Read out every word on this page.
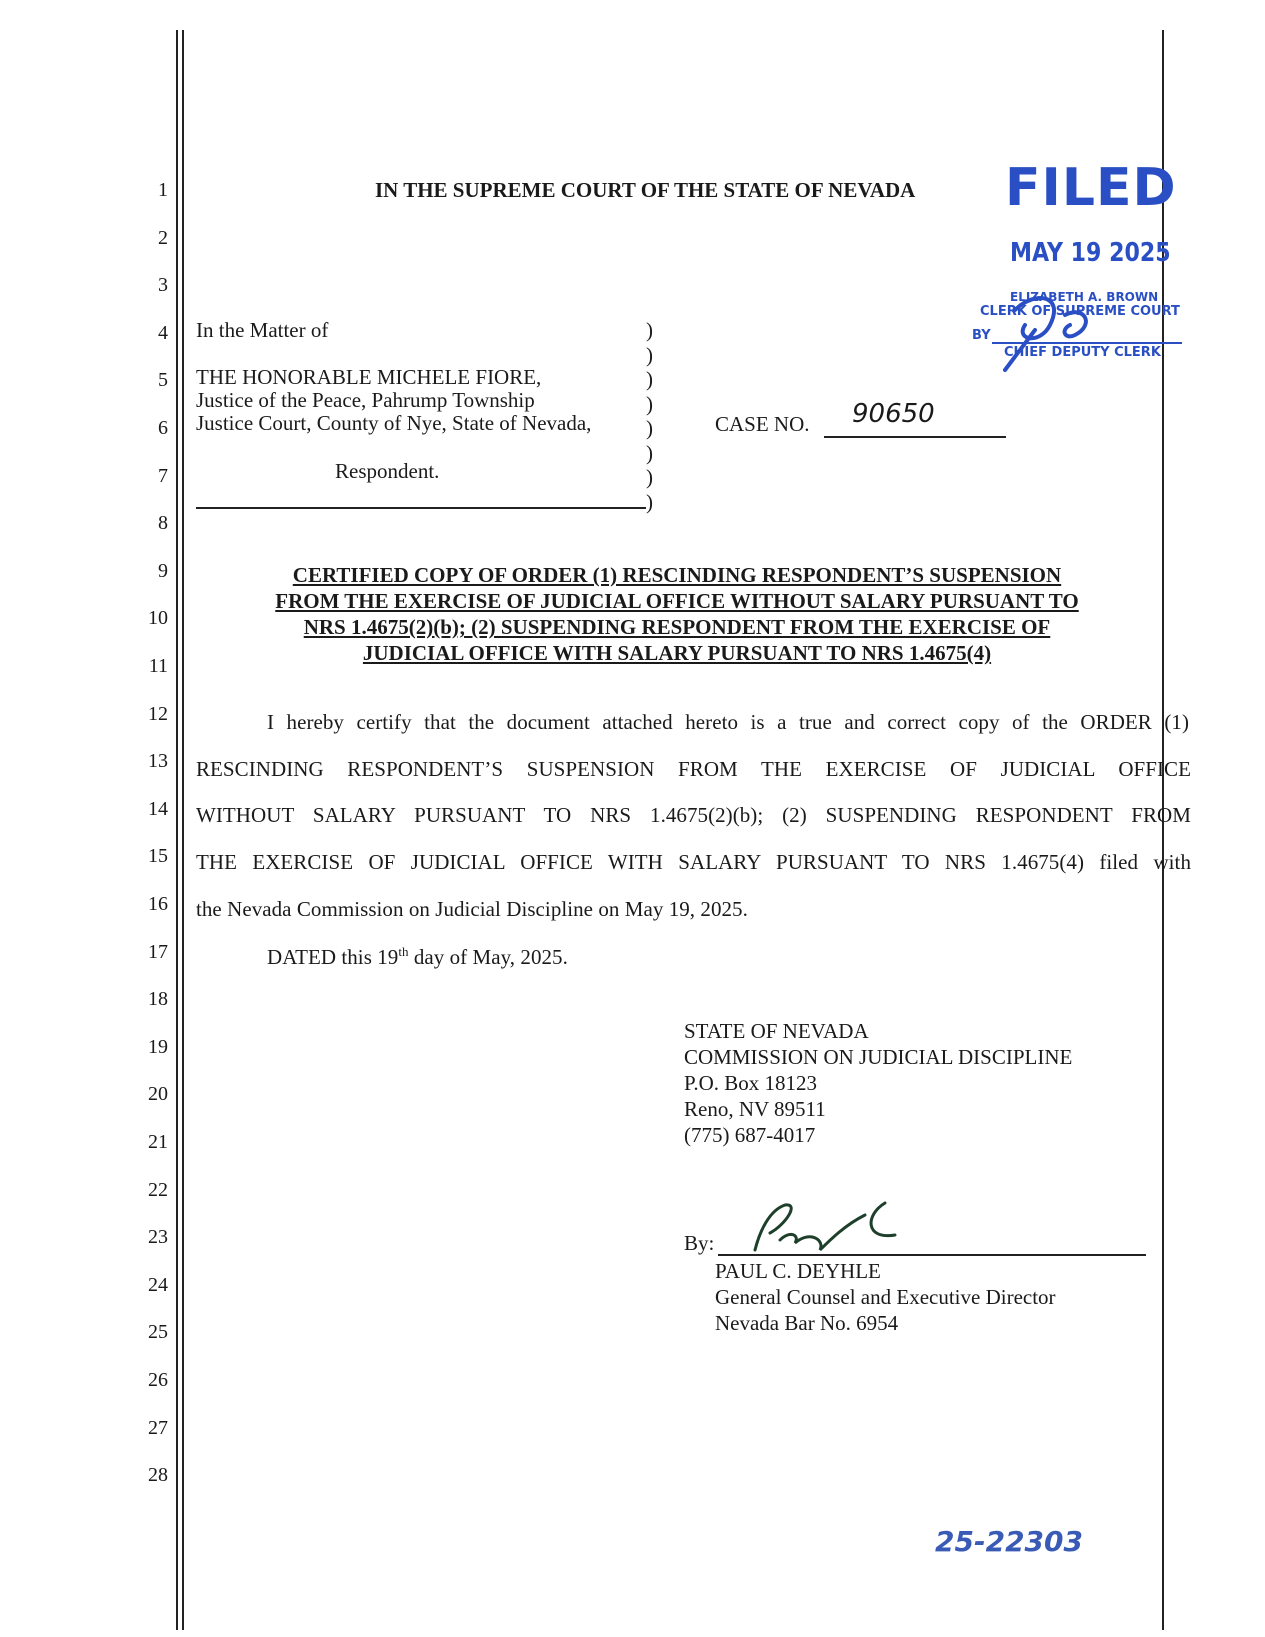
1
2
3
4
5
6
7
8
9
10
11
12
13
14
15
16
17
18
19
20
21
22
23
24
25
26
27
28
IN THE SUPREME COURT OF THE STATE OF NEVADA FILED
MAY 19 2025
ELIZABETH A. BROWN
CLERK OF SUPREME COURT
BY
CHIEF DEPUTY CLERK
In the Matter of
THE HONORABLE MICHELE FIORE,
Justice of the Peace, Pahrump Township
Justice Court, County of Nye, State of Nevada,
Respondent.
)
)
)
)
)
)
)
)
CASE NO. 90650
CERTIFIED COPY OF ORDER (1) RESCINDING RESPONDENT’S SUSPENSION
FROM THE EXERCISE OF JUDICIAL OFFICE WITHOUT SALARY PURSUANT TO
NRS 1.4675(2)(b); (2) SUSPENDING RESPONDENT FROM THE EXERCISE OF
JUDICIAL OFFICE WITH SALARY PURSUANT TO NRS 1.4675(4)
I hereby certify that the document attached hereto is a true and correct copy of the ORDER (1)
RESCINDING RESPONDENT’S SUSPENSION FROM THE EXERCISE OF JUDICIAL OFFICE
WITHOUT SALARY PURSUANT TO NRS 1.4675(2)(b); (2) SUSPENDING RESPONDENT FROM
THE EXERCISE OF JUDICIAL OFFICE WITH SALARY PURSUANT TO NRS 1.4675(4) filed with
the Nevada Commission on Judicial Discipline on May 19, 2025.
DATED this 19th day of May, 2025.
STATE OF NEVADA
COMMISSION ON JUDICIAL DISCIPLINE
P.O. Box 18123
Reno, NV 89511
(775) 687-4017
By:
PAUL C. DEYHLE
General Counsel and Executive Director
Nevada Bar No. 6954
25-22303
